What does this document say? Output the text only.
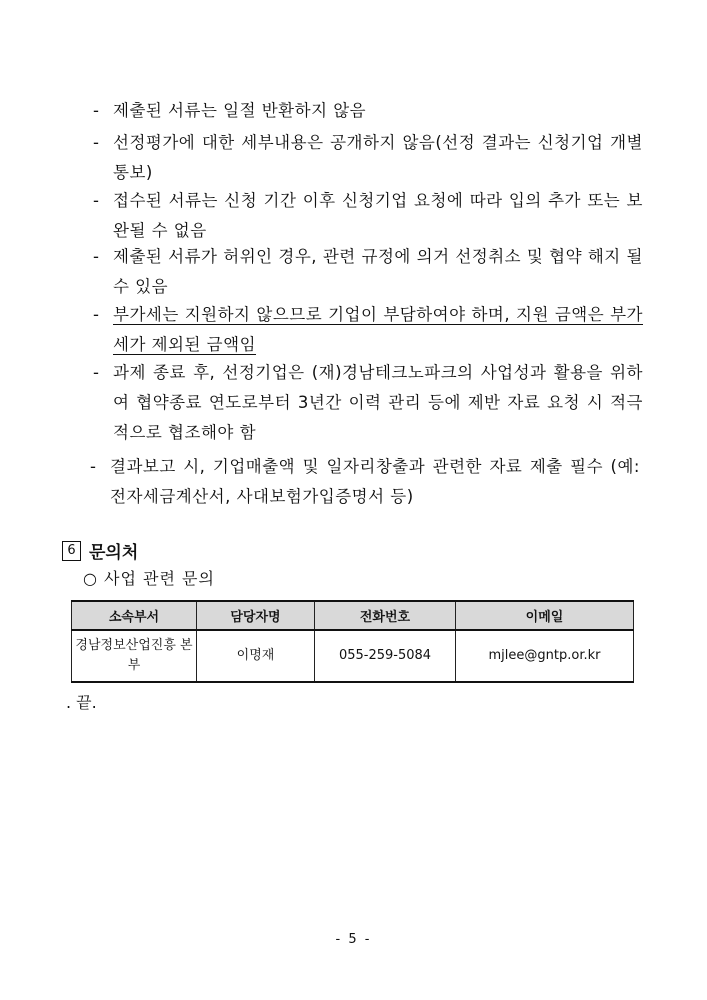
- 제출된 서류는 일절 반환하지 않음
- 선정평가에 대한 세부내용은 공개하지 않음(선정 결과는 신청기업 개별 통보)
- 접수된 서류는 신청 기간 이후 신청기업 요청에 따라 입의 추가 또는 보완될 수 없음
- 제출된 서류가 허위인 경우, 관련 규정에 의거 선정취소 및 협약 해지 될 수 있음
- 부가세는 지원하지 않으므로 기업이 부담하여야 하며, 지원 금액은 부가세가 제외된 금액임
- 과제 종료 후, 선정기업은 (재)경남테크노파크의 사업성과 활용을 위하여 협약종료 연도로부터 3년간 이력 관리 등에 제반 자료 요청 시 적극적으로 협조해야 함
- 결과보고 시, 기업매출액 및 일자리창출과 관련한 자료 제출 필수 (예: 전자세금계산서, 사대보험가입증명서 등)
6 문의처
○ 사업 관련 문의
소속부서	담당자명	전화번호	이메일
경남정보산업진흥 본부	이명재	055-259-5084	mjlee@gntp.or.kr
. 끝.
- 5 -
